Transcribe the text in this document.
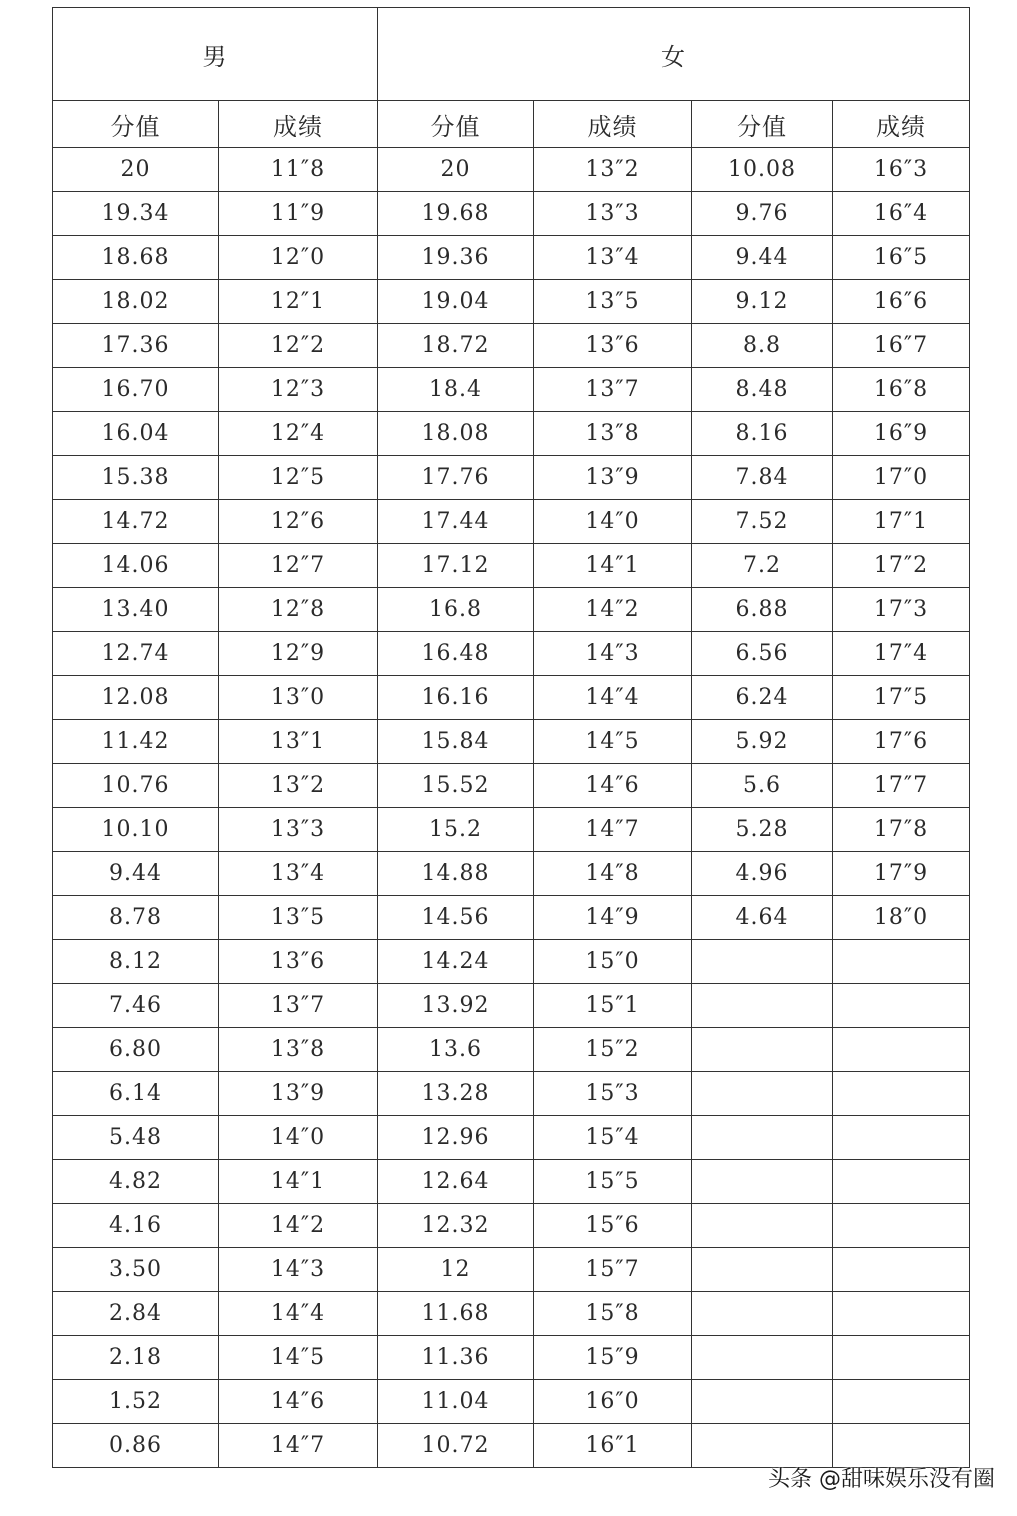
男		女			
分值	成绩	分值	成绩	分值	成绩
20	11″8	20	13″2	10.08	16″3
19.34	11″9	19.68	13″3	9.76	16″4
18.68	12″0	19.36	13″4	9.44	16″5
18.02	12″1	19.04	13″5	9.12	16″6
17.36	12″2	18.72	13″6	8.8	16″7
16.70	12″3	18.4	13″7	8.48	16″8
16.04	12″4	18.08	13″8	8.16	16″9
15.38	12″5	17.76	13″9	7.84	17″0
14.72	12″6	17.44	14″0	7.52	17″1
14.06	12″7	17.12	14″1	7.2	17″2
13.40	12″8	16.8	14″2	6.88	17″3
12.74	12″9	16.48	14″3	6.56	17″4
12.08	13″0	16.16	14″4	6.24	17″5
11.42	13″1	15.84	14″5	5.92	17″6
10.76	13″2	15.52	14″6	5.6	17″7
10.10	13″3	15.2	14″7	5.28	17″8
9.44	13″4	14.88	14″8	4.96	17″9
8.78	13″5	14.56	14″9	4.64	18″0
8.12	13″6	14.24	15″0		
7.46	13″7	13.92	15″1		
6.80	13″8	13.6	15″2		
6.14	13″9	13.28	15″3		
5.48	14″0	12.96	15″4		
4.82	14″1	12.64	15″5		
4.16	14″2	12.32	15″6		
3.50	14″3	12	15″7		
2.84	14″4	11.68	15″8		
2.18	14″5	11.36	15″9		
1.52	14″6	11.04	16″0		
0.86	14″7	10.72	16″1		
头条 @甜味娱乐没有圈
